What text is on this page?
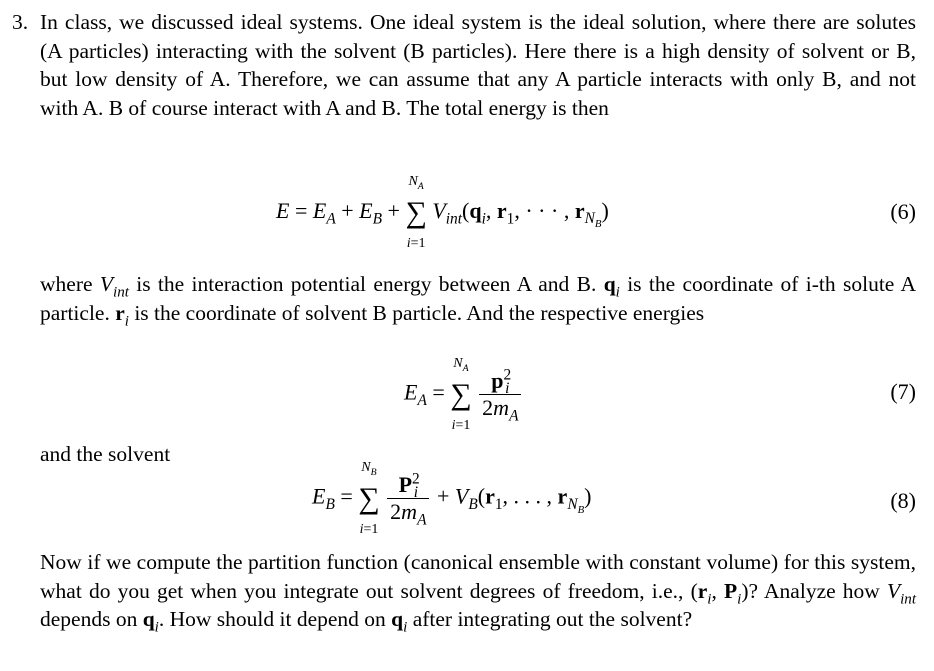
3. In class, we discussed ideal systems. One ideal system is the ideal solution, where there are solutes (A particles) interacting with the solvent (B particles). Here there is a high density of solvent or B, but low density of A. Therefore, we can assume that any A particle interacts with only B, and not with A. B of course interact with A and B. The total energy is then
$E = E_A + E_B$ + ∑
$N_A$
i=1
$V_{int}(q_i$, $r_1$, · · · , $r_{N_B}$)	(6)
where $V_{int}$ is the interaction potential energy between A and B. $q_i$ is the coordinate of i-th solute A particle. $r_i$ is the coordinate of solvent B particle. And the respective energies
$E_A$ = ∑
$N_A$
i=1

$\frac{p^2_i}{2m_A}$	(7)
and the solvent
$E_B$ = ∑
$N_B$
i=1

$\frac{P^2_i}{2m_A} + V_B(r_1$, . . . , $r_{N_B}$)	(8)
Now if we compute the partition function (canonical ensemble with constant volume) for this system, what do you get when you integrate out solvent degrees of freedom, i.e., ($r_i$, $P_i$)? Analyze how $V_{int}$ depends on $q_i$. How should it depend on $q_i$ after integrating out the solvent?
